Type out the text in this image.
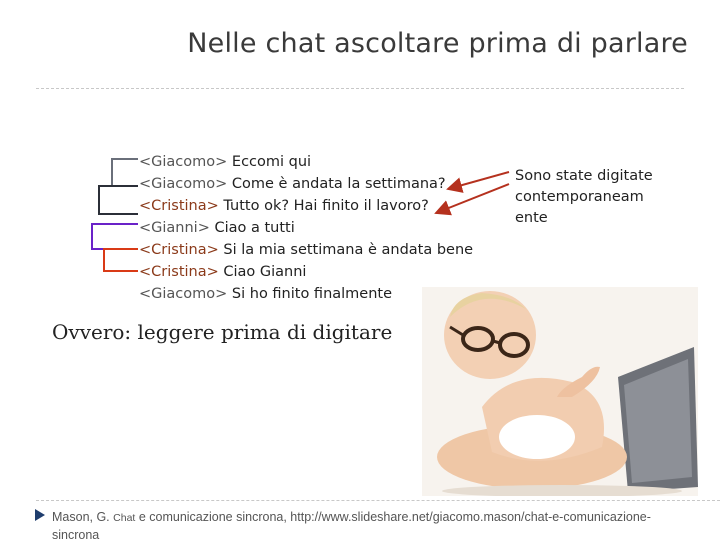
Nelle chat ascoltare prima di parlare
<Giacomo> Eccomi qui
<Giacomo> Come è andata la settimana?
<Cristina> Tutto ok? Hai finito il lavoro?
<Gianni> Ciao a tutti
<Cristina> Si la mia settimana è andata bene
<Cristina> Ciao Gianni
<Giacomo> Si ho finito finalmente
Sono state digitate contemporaneam ente
Ovvero: leggere prima di digitare
Mason, G. Chat e comunicazione sincrona, http://www.slideshare.net/giacomo.mason/chat-e-comunicazione-
sincrona
